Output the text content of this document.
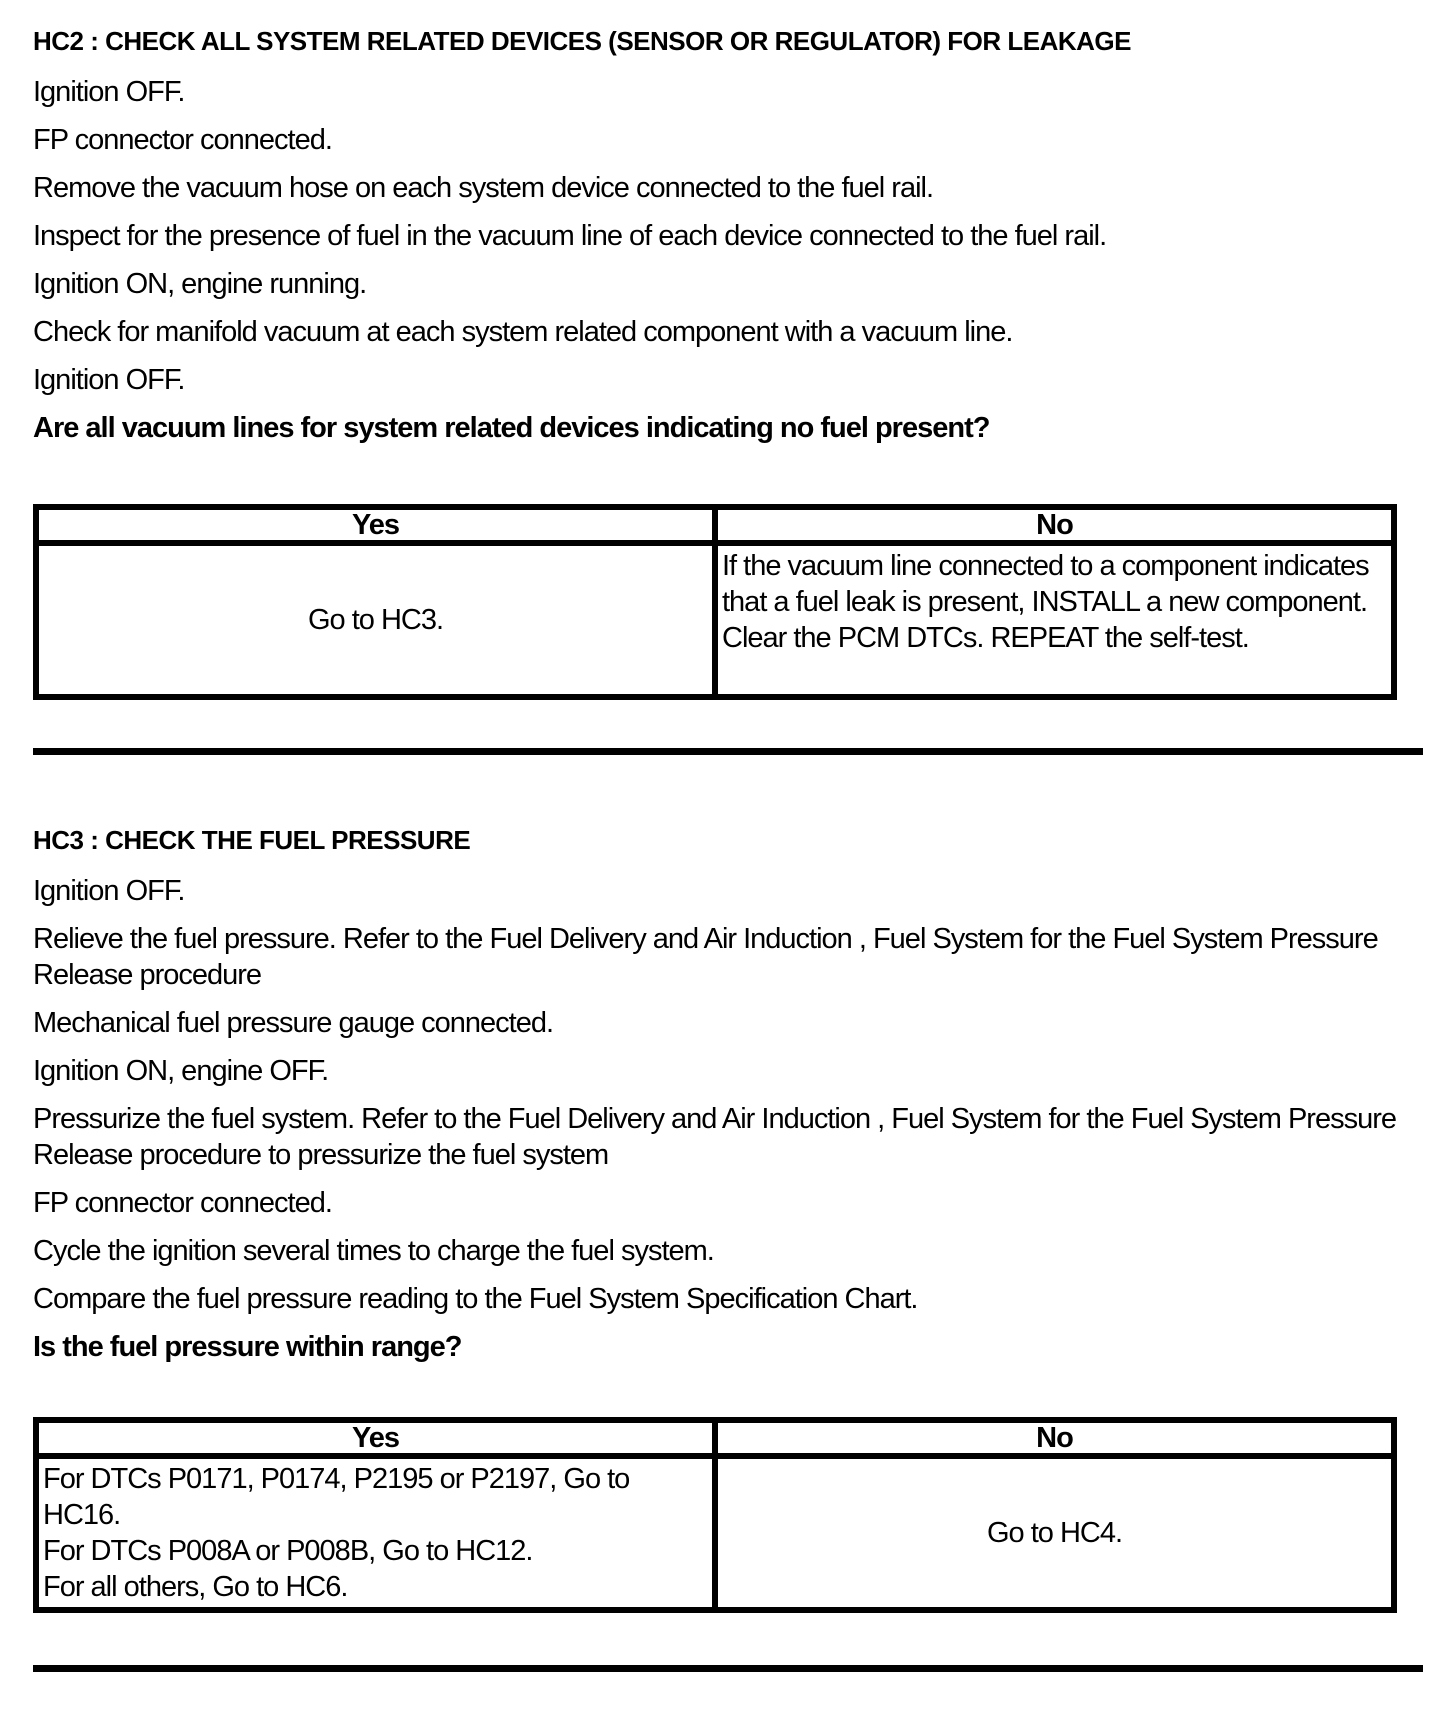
HC2 : CHECK ALL SYSTEM RELATED DEVICES (SENSOR OR REGULATOR) FOR LEAKAGE
Ignition OFF.
FP connector connected.
Remove the vacuum hose on each system device connected to the fuel rail.
Inspect for the presence of fuel in the vacuum line of each device connected to the fuel rail.
Ignition ON, engine running.
Check for manifold vacuum at each system related component with a vacuum line.
Ignition OFF.

Are all vacuum lines for system related devices indicating no fuel present?

Yes	No

Go to HC3.	If the vacuum line connected to a component indicates that a fuel leak is present, INSTALL a new component.
Clear the PCM DTCs. REPEAT the self-test.
HC3 : CHECK THE FUEL PRESSURE
Ignition OFF.
Relieve the fuel pressure. Refer to the Fuel Delivery and Air Induction , Fuel System for the Fuel System Pressure Release procedure
Mechanical fuel pressure gauge connected.
Ignition ON, engine OFF.
Pressurize the fuel system. Refer to the Fuel Delivery and Air Induction , Fuel System for the Fuel System Pressure Release procedure to pressurize the fuel system
FP connector connected.
Cycle the ignition several times to charge the fuel system.
Compare the fuel pressure reading to the Fuel System Specification Chart.

Is the fuel pressure within range?

Yes	No

For DTCs P0171, P0174, P2195 or P2197, Go to HC16.
For DTCs P008A or P008B, Go to HC12.
For all others, Go to HC6.	Go to HC4.
